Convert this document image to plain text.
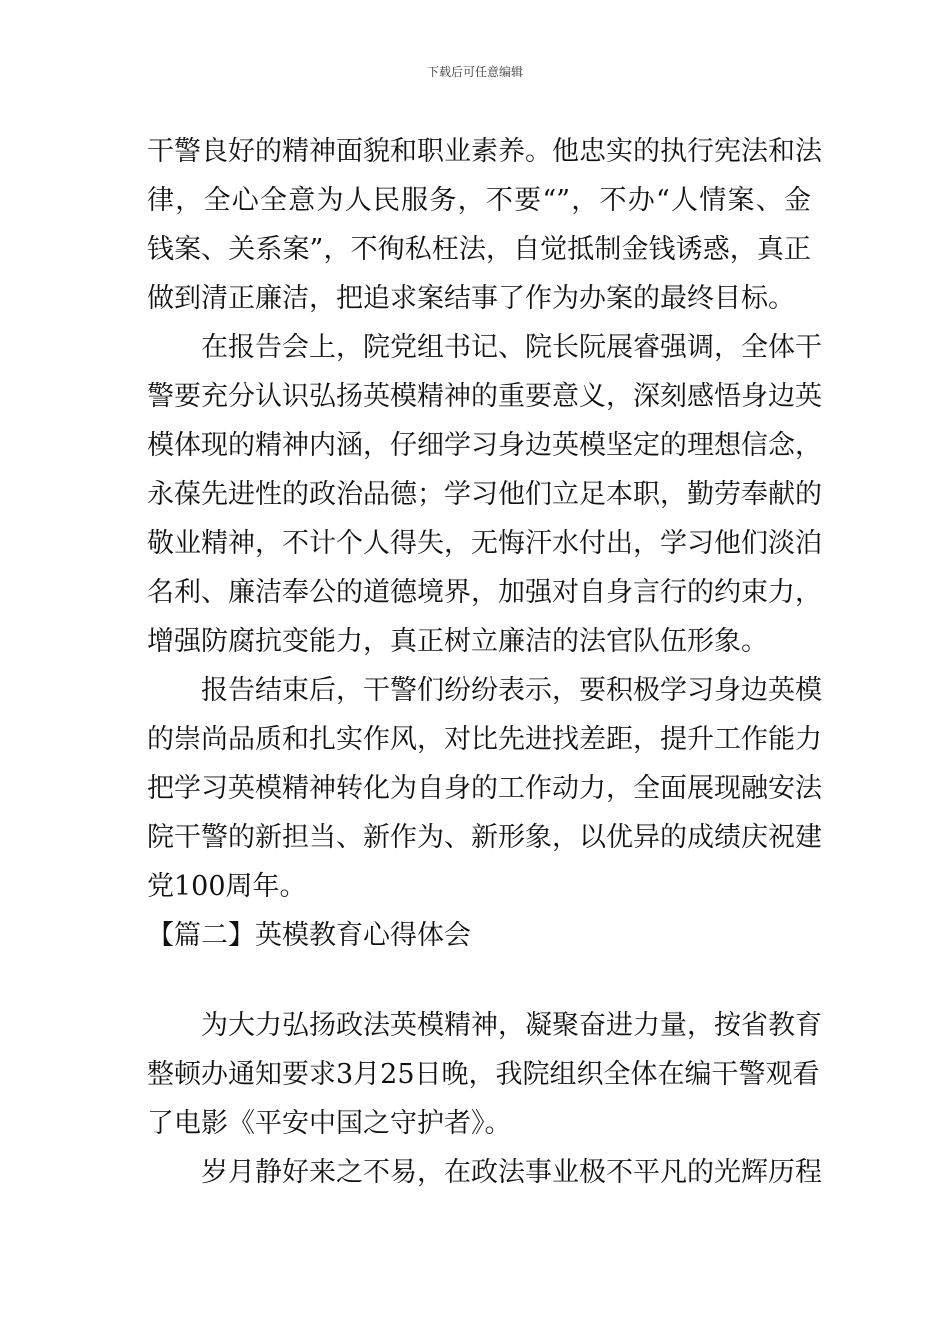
下载后可任意编辑
干警良好的精神面貌和职业素养。他忠实的执行宪法和法
律，全心全意为人民服务，不要“”，不办“人情案、金
钱案、关系案”，不徇私枉法，自觉抵制金钱诱惑，真正
做到清正廉洁，把追求案结事了作为办案的最终目标。
在报告会上，院党组书记、院长阮展睿强调，全体干
警要充分认识弘扬英模精神的重要意义，深刻感悟身边英
模体现的精神内涵，仔细学习身边英模坚定的理想信念，
永葆先进性的政治品德；学习他们立足本职，勤劳奉献的
敬业精神，不计个人得失，无悔汗水付出，学习他们淡泊
名利、廉洁奉公的道德境界，加强对自身言行的约束力，
增强防腐抗变能力，真正树立廉洁的法官队伍形象。
报告结束后，干警们纷纷表示，要积极学习身边英模
的崇尚品质和扎实作风，对比先进找差距，提升工作能力
把学习英模精神转化为自身的工作动力，全面展现融安法
院干警的新担当、新作为、新形象，以优异的成绩庆祝建
党100周年。
【篇二】英模教育心得体会
为大力弘扬政法英模精神，凝聚奋进力量，按省教育
整顿办通知要求3月25日晚，我院组织全体在编干警观看
了电影《平安中国之守护者》。
岁月静好来之不易，在政法事业极不平凡的光辉历程
